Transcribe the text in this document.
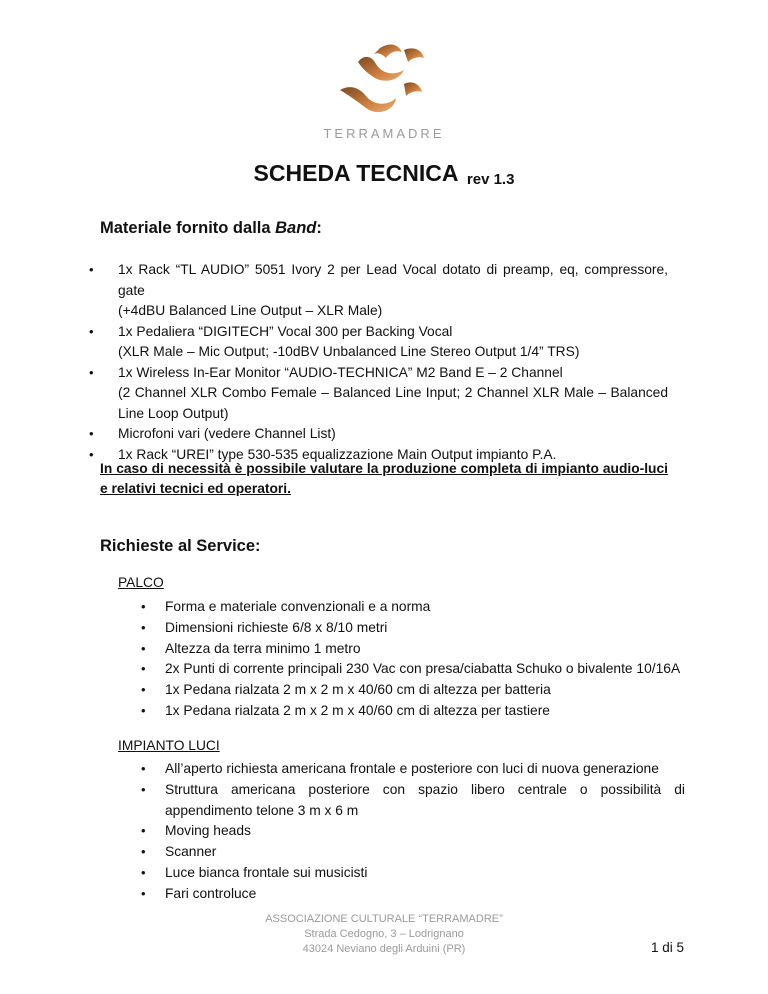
TERRAMADRE
SCHEDA TECNICA rev 1.3
Materiale fornito dalla Band:
• 1x Rack “TL AUDIO” 5051 Ivory 2 per Lead Vocal dotato di preamp, eq, compressore, gate
(+4dBU Balanced Line Output – XLR Male)
• 1x Pedaliera “DIGITECH” Vocal 300 per Backing Vocal
(XLR Male – Mic Output; -10dBV Unbalanced Line Stereo Output 1/4” TRS)
• 1x Wireless In-Ear Monitor “AUDIO-TECHNICA” M2 Band E – 2 Channel
(2 Channel XLR Combo Female – Balanced Line Input; 2 Channel XLR Male – Balanced Line Loop Output)
• Microfoni vari (vedere Channel List)
• 1x Rack “UREI” type 530-535 equalizzazione Main Output impianto P.A.
In caso di necessità è possibile valutare la produzione completa di impianto audio-luci e relativi tecnici ed operatori.
Richieste al Service:
PALCO
• Forma e materiale convenzionali e a norma
• Dimensioni richieste 6/8 x 8/10 metri
• Altezza da terra minimo 1 metro
• 2x Punti di corrente principali 230 Vac con presa/ciabatta Schuko o bivalente 10/16A
• 1x Pedana rialzata 2 m x 2 m x 40/60 cm di altezza per batteria
• 1x Pedana rialzata 2 m x 2 m x 40/60 cm di altezza per tastiere
IMPIANTO LUCI
• All’aperto richiesta americana frontale e posteriore con luci di nuova generazione
• Struttura americana posteriore con spazio libero centrale o possibilità di appendimento telone 3 m x 6 m
• Moving heads
• Scanner
• Luce bianca frontale sui musicisti
• Fari controluce
ASSOCIAZIONE CULTURALE “TERRAMADRE”
Strada Cedogno, 3 – Lodrignano
43024 Neviano degli Arduini (PR)	1 di 5
